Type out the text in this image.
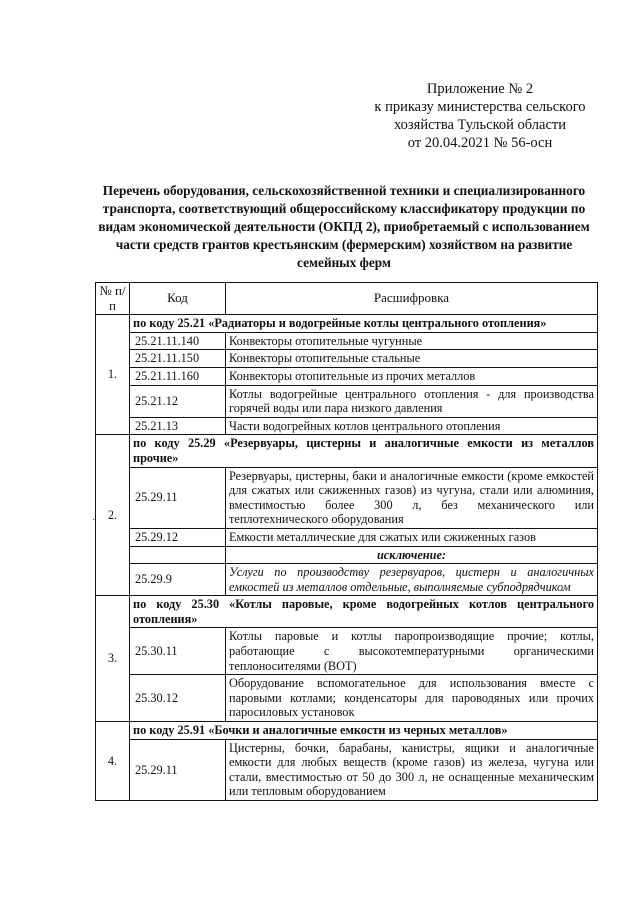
Приложение № 2
к приказу министерства сельского
хозяйства Тульской области
от 20.04.2021 № 56-осн
Перечень оборудования, сельскохозяйственной техники и специализированного транспорта, соответствующий общероссийскому классификатору продукции по видам экономической деятельности (ОКПД 2), приобретаемый с использованием части средств грантов крестьянским (фермерским) хозяйством на развитие семейных ферм
·
№ п/п	Код	Расшифровка
1.	по коду 25.21 «Радиаторы и водогрейные котлы центрального отопления»	
	25.21.11.140	Конвекторы отопительные чугунные
	25.21.11.150	Конвекторы отопительные стальные
	25.21.11.160	Конвекторы отопительные из прочих металлов
	25.21.12	Котлы водогрейные центрального отопления - для производства горячей воды или пара низкого давления
	25.21.13	Части водогрейных котлов центрального отопления
2.	по коду 25.29 «Резервуары, цистерны и аналогичные емкости из металлов прочие»	
	25.29.11	Резервуары, цистерны, баки и аналогичные емкости (кроме емкостей для сжатых или сжиженных газов) из чугуна, стали или алюминия, вместимостью более 300 л, без механического или теплотехнического оборудования
	25.29.12	Емкости металлические для сжатых или сжиженных газов
		исключение:
	25.29.9	Услуги по производству резервуаров, цистерн и аналогичных емкостей из металлов отдельные, выполняемые субподрядчиком
3.	по коду 25.30 «Котлы паровые, кроме водогрейных котлов центрального отопления»	
	25.30.11	Котлы паровые и котлы паропроизводящие прочие; котлы, работающие с высокотемпературными органическими теплоносителями (ВОТ)
	25.30.12	Оборудование вспомогательное для использования вместе с паровыми котлами; конденсаторы для пароводяных или прочих паросиловых установок
4.	по коду 25.91 «Бочки и аналогичные емкости из черных металлов»	
	25.29.11	Цистерны, бочки, барабаны, канистры, ящики и аналогичные емкости для любых веществ (кроме газов) из железа, чугуна или стали, вместимостью от 50 до 300 л, не оснащенные механическим или тепловым оборудованием
